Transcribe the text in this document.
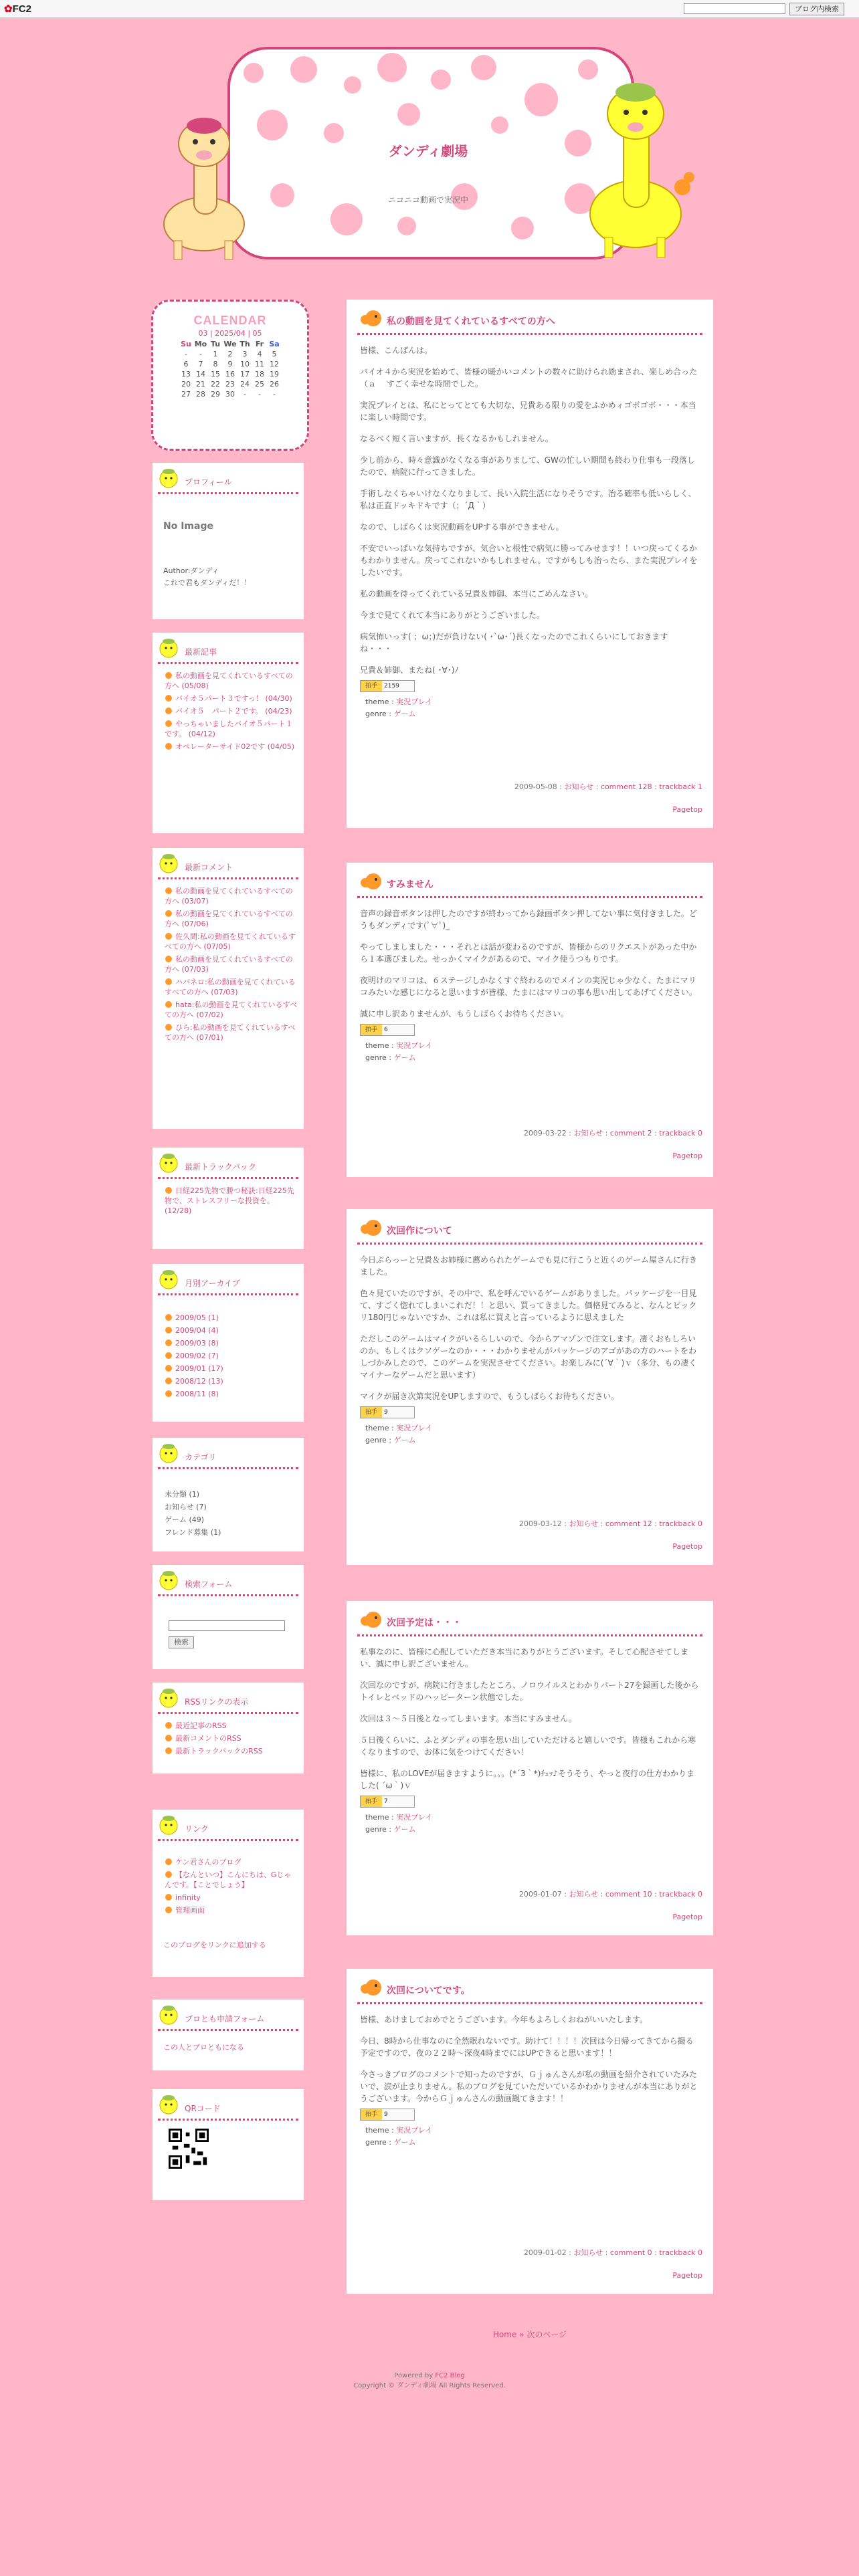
✿FC2	ブログ内検索
ダンディ劇場
ニコニコ動画で実況中
CALENDAR
03 | 2025/04 | 05
Su	Mo	Tu	We	Th	Fr	Sa
-	-	1	2	3	4	5
6	7	8	9	10	11	12
13	14	15	16	17	18	19
20	21	22	23	24	25	26
27	28	29	30	-	-	-
プロフィール

No Image

Author:ダンディ

これで君もダンディだ！！

最新記事
私の動画を見てくれているすべての方へ (05/08)
バイオ５パート３ですっ！ (04/30)
バイオ５　パート２です。 (04/23)
やっちゃいましたバイオ５パート１です。 (04/12)
オペレーターサイド02です (04/05)
最新コメント
私の動画を見てくれているすべての方へ (03/07)
私の動画を見てくれているすべての方へ (07/06)
佐久間:私の動画を見てくれているすべての方へ (07/05)
私の動画を見てくれているすべての方へ (07/03)
ハバネロ:私の動画を見てくれているすべての方へ (07/03)
hata:私の動画を見てくれているすべての方へ (07/02)
ひら:私の動画を見てくれているすべての方へ (07/01)
最新トラックバック
日経225先物で勝つ秘訣:日経225先物で、ストレスフリーな投資を。 (12/28)
月別アーカイブ
2009/05 (1)
2009/04 (4)
2009/03 (8)
2009/02 (7)
2009/01 (17)
2008/12 (13)
2008/11 (8)
カテゴリ
未分類 (1)
お知らせ (7)
ゲーム (49)
フレンド募集 (1)
検索フォーム
検索
RSSリンクの表示
最近記事のRSS
最新コメントのRSS
最新トラックバックのRSS
リンク
ケン君さんのブログ
【なんといつ】こんにちは、Gじゃんです。【ことでしょう】
infinity
管理画面

このブログをリンクに追加する

ブロとも申請フォーム

この人とブロともになる

QRコード
私の動画を見てくれているすべての方へ

皆様、こんばんは。

バイオ４から実況を始めて、皆様の暖かいコメントの数々に助けられ励まされ、楽しめ合った（ａ　 すごく幸せな時間でした。

実況プレイとは、私にとってとても大切な、兄貴ある限りの愛をふかめィゴボゴボ・・・本当に楽しい時間です。

なるべく短く言いますが、長くなるかもしれません。

少し前から、時々意識がなくなる事がありまして、GWの忙しい期間も終わり仕事も一段落したので、病院に行ってきました。

手術しなくちゃいけなくなりまして、長い入院生活になりそうです。治る確率も低いらしく、私は正直ドッキドキです（；´Д｀）

なので、しばらくは実況動画をUPする事ができません。

不安でいっぱいな気持ちですが、気合いと根性で病気に勝ってみせます！！いつ戻ってくるかもわかりません。戻ってこれないかもしれません。ですがもしも治ったら、また実況プレイをしたいです。

私の動画を待ってくれている兄貴＆姉御、本当にごめんなさい。

今まで見てくれて本当にありがとうございました。

病気怖いっす( ；ω；)だが負けない( ･`ω･´)長くなったのでこれくらいにしておきますね・・・

兄貴＆姉御、またね( ･∀･)ﾉ

拍手 2159
theme : 実況プレイ
genre : ゲーム
2009-05-08 : お知らせ : comment 128 : trackback 1
Pagetop
すみません

音声の録音ボタンは押したのですが終わってから録画ボタン押してない事に気付きました。どうもダンディです(ﾟ∀ﾟ)_

やってしましました・・・それとは話が変わるのですが、皆様からのリクエストがあった中から１本選びました。せっかくマイクがあるので、マイク使うつもりです。

夜明けのマリコは、６ステージしかなくすぐ終わるのでメインの実況じゃ少なく、たまにマリコみたいな感じになると思いますが皆様、たまにはマリコの事も思い出してあげてください。

誠に申し訳ありませんが、もうしばらくお待ちください。

拍手 6
theme : 実況プレイ
genre : ゲーム
2009-03-22 : お知らせ : comment 2 : trackback 0
Pagetop
次回作について

今日ぷらっーと兄貴＆お姉様に薦められたゲームでも見に行こうと近くのゲーム屋さんに行きました。

色々見ていたのですが、その中で、私を呼んでいるゲームがありました。パッケージを一目見て、すごく惚れてしまいこれだ！！と思い、買ってきました。価格見てみると、なんとビックリ180円じゃないですか、これは私に買えと言っているように思えました

ただしこのゲームはマイクがいるらしいので、今からアマゾンで注文します。凄くおもしろいのか、もしくはクソゲーなのか・・・わかりませんがパッケージのアゴがあの方のハートをわしづかみしたので、このゲームを実況させてください。お楽しみに(´∀｀)ｖ（多分、もの凄くマイナーなゲームだと思います）

マイクが届き次第実況をUPしますので、もうしばらくお待ちください。

拍手 9
theme : 実況プレイ
genre : ゲーム
2009-03-12 : お知らせ : comment 12 : trackback 0
Pagetop
次回予定は・・・

私事なのに、皆様に心配していただき本当にありがとうございます。そして心配させてしまい、誠に申し訳ございません。

次回なのですが、病院に行きましたところ、ノロウイルスとわかりパート27を録画した後からトイレとベッドのハッピーターン状態でした。

次回は３～５日後となってしまいます。本当にすみません。

５日後くらいに、ふとダンディの事を思い出していただけると嬉しいです。皆様もこれから寒くなりますので、お体に気をつけてください！

皆様に、私のLOVEが届きますように。。。(*´3｀*)ﾁｭｯ♪そうそう、やっと夜行の仕方わかりました( ´ω｀)ｖ

拍手 7
theme : 実況プレイ
genre : ゲーム
2009-01-07 : お知らせ : comment 10 : trackback 0
Pagetop
次回についてです。

皆様、あけましておめでとうございます。今年もよろしくおねがいいたします。

今日、8時から仕事なのに全然眠れないです。助けて！！！！次回は今日帰ってきてから撮る予定ですので、夜の２２時～深夜4時までにはUPできると思います！！

今さっきブログのコメントで知ったのですが、Ｇｊゅんさんが私の動画を紹介されていたみたいで、涙が止まりません。私のブログを見ていただいているかわかりませんが本当にありがとうございます。今からＧｊゅんさんの動画観てきます！！

拍手 9
theme : 実況プレイ
genre : ゲーム
2009-01-02 : お知らせ : comment 0 : trackback 0
Pagetop
Home » 次のページ
Powered by FC2 Blog
Copyright © ダンディ劇場 All Rights Reserved.
